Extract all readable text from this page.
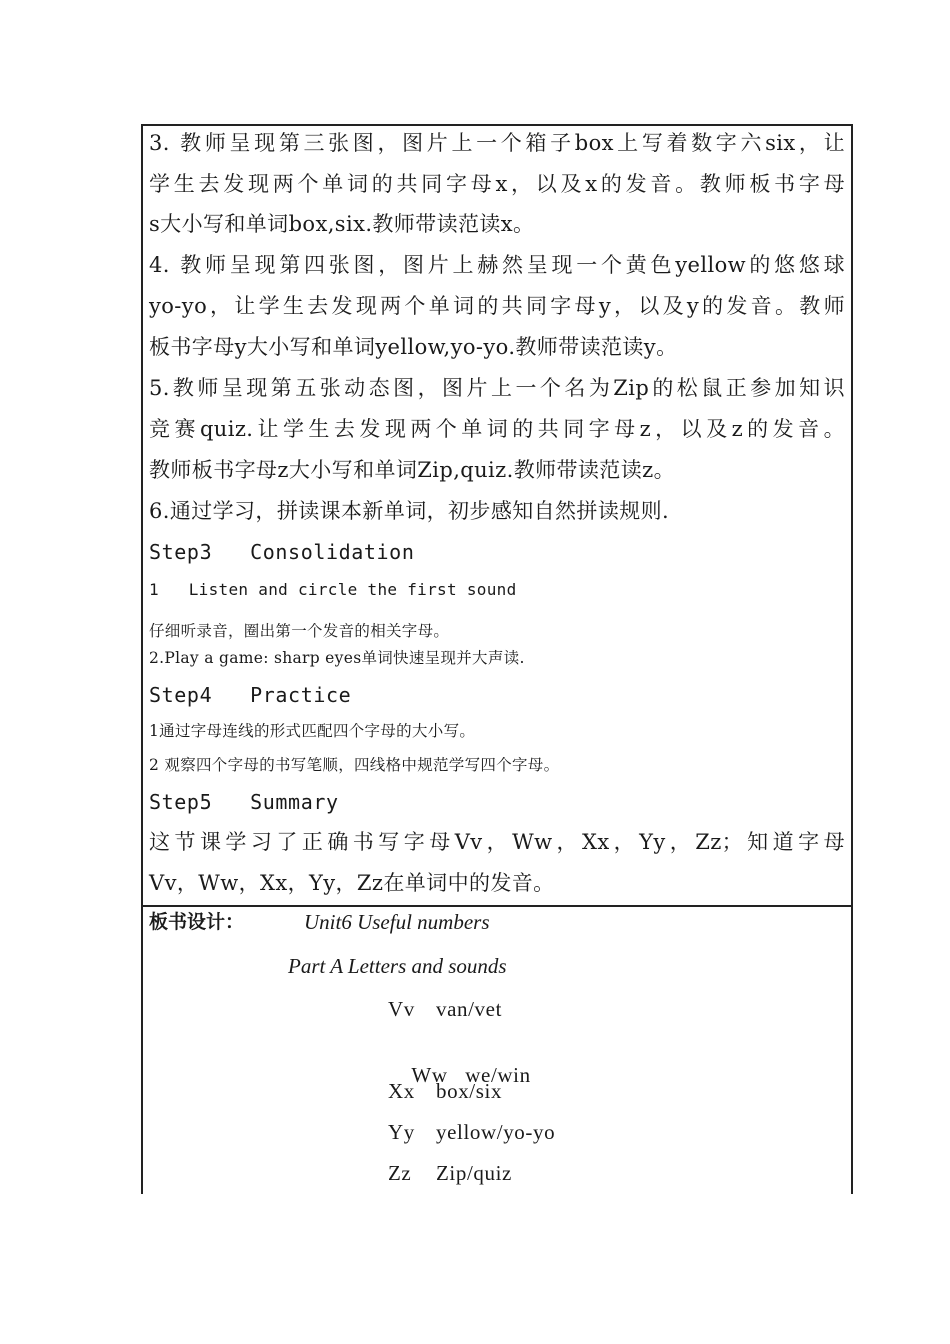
3. 教师呈现第三张图，图片上一个箱子box上写着数字六six，让
学生去发现两个单词的共同字母x，以及x的发音。教师板书字母
s大小写和单词box,six.教师带读范读x。
4. 教师呈现第四张图，图片上赫然呈现一个黄色yellow的悠悠球
yo-yo，让学生去发现两个单词的共同字母y，以及y的发音。教师
板书字母y大小写和单词yellow,yo-yo.教师带读范读y。
5.教师呈现第五张动态图，图片上一个名为Zip的松鼠正参加知识
竞赛quiz.让学生去发现两个单词的共同字母z，以及z的发音。
教师板书字母z大小写和单词Zip,quiz.教师带读范读z。
6.通过学习，拼读课本新单词，初步感知自然拼读规则.
Step3   Consolidation
1   Listen and circle the first sound
仔细听录音，圈出第一个发音的相关字母。
2.Play a game: sharp eyes单词快速呈现并大声读.
Step4   Practice
1通过字母连线的形式匹配四个字母的大小写。
2 观察四个字母的书写笔顺，四线格中规范学写四个字母。
Step5   Summary
这节课学习了正确书写字母Vv，Ww，Xx，Yy，Zz；知道字母
Vv，Ww，Xx，Yy，Zz在单词中的发音。
板书设计：	Unit6 Useful numbers
Part A Letters and sounds
Vv van/vet

Ww we/win

Xx box/six
Yy yellow/yo-yo
Zz Zip/quiz
